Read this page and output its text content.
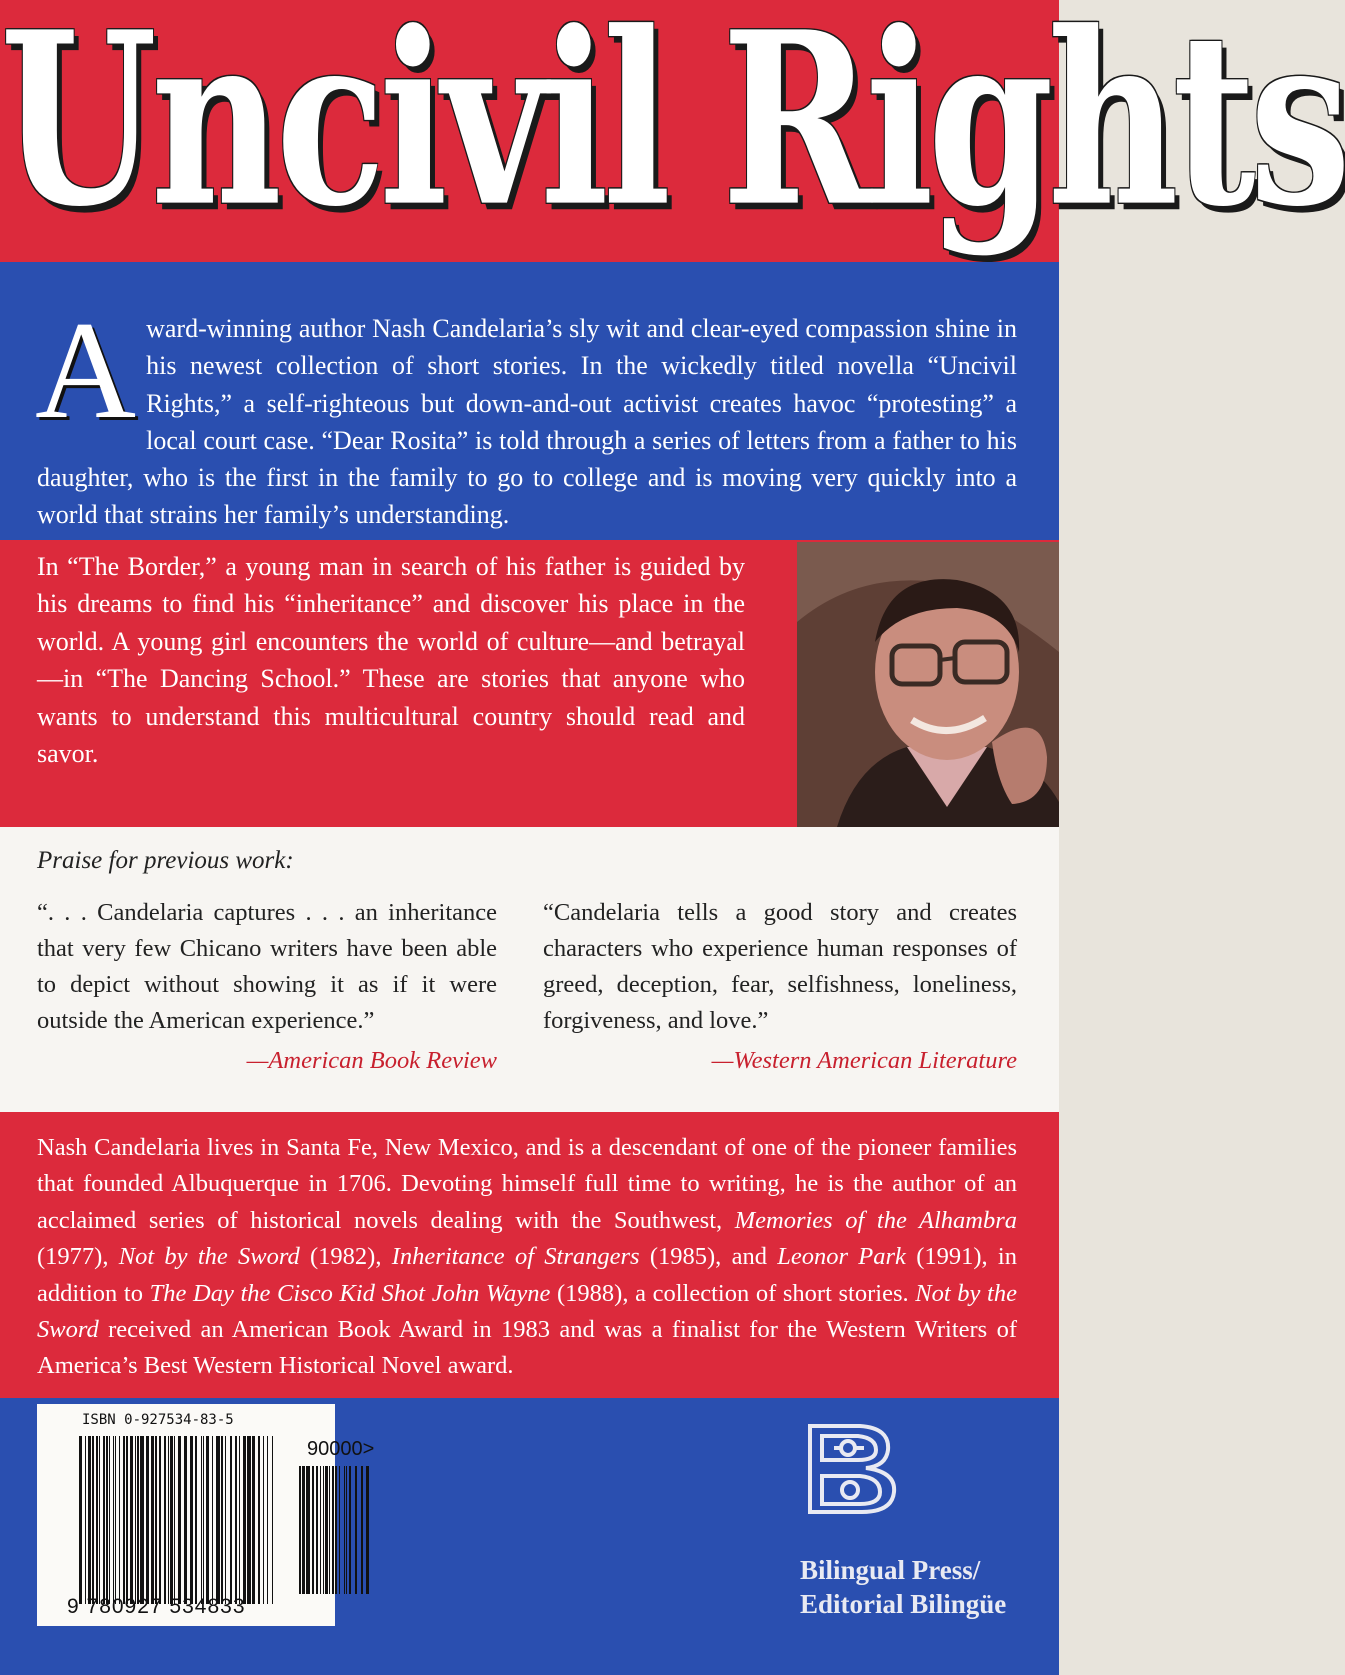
Uncivil Rights

Award-winning author Nash Candelaria’s sly wit and clear-eyed compassion shine in his newest collection of short stories. In the wickedly titled novella “Uncivil Rights,” a self-righteous but down-and-out activist creates havoc “protesting” a local court case. “Dear Rosita” is told through a series of letters from a father to his daughter, who is the first in the family to go to college and is moving very quickly into a world that strains her family’s understanding.

In “The Border,” a young man in search of his father is guided by his dreams to find his “inheritance” and discover his place in the world. A young girl encounters the world of culture—and betrayal—in “The Dancing School.” These are stories that anyone who wants to understand this multicultural country should read and savor.

Praise for previous work:

“. . . Candelaria captures . . . an inheritance that very few Chicano writers have been able to depict without showing it as if it were outside the American experience.”

—American Book Review

“Candelaria tells a good story and creates characters who experience human responses of greed, deception, fear, selfishness, loneliness, forgiveness, and love.”

—Western American Literature

Nash Candelaria lives in Santa Fe, New Mexico, and is a descendant of one of the pioneer families that founded Albuquerque in 1706. Devoting himself full time to writing, he is the author of an acclaimed series of historical novels dealing with the Southwest, Memories of the Alhambra (1977), Not by the Sword (1982), Inheritance of Strangers (1985), and Leonor Park (1991), in addition to The Day the Cisco Kid Shot John Wayne (1988), a collection of short stories. Not by the Sword received an American Book Award in 1983 and was a finalist for the Western Writers of America’s Best Western Historical Novel award.

ISBN 0-927534-83-5

90000>

9 780927 534833

Bilingual Press/
Editorial Bilingüe
